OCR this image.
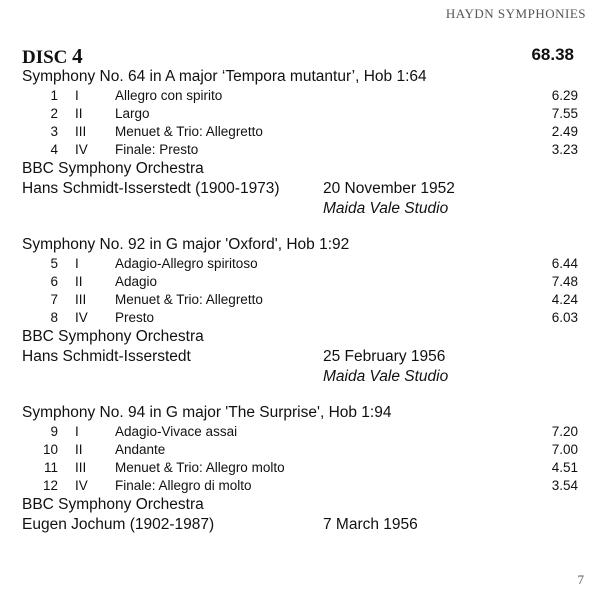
HAYDN SYMPHONIES
DISC 4	68.38
Symphony No. 64 in A major ‘Tempora mutantur’, Hob 1:64
1 I	Allegro con spirito	6.29
2 II Largo	7.55
3 III Menuet & Trio: Allegretto	2.49
4 IV Finale: Presto	3.23
BBC Symphony Orchestra
Hans Schmidt-Isserstedt (1900-1973)	20 November 1952
Maida Vale Studio
Symphony No. 92 in G major 'Oxford', Hob 1:92
5 I	Adagio-Allegro spiritoso	6.44
6 II Adagio	7.48
7 III Menuet & Trio: Allegretto	4.24
8 IV Presto	6.03
BBC Symphony Orchestra
Hans Schmidt-Isserstedt	25 February 1956
Maida Vale Studio
Symphony No. 94 in G major 'The Surprise', Hob 1:94
9 I	Adagio-Vivace assai	7.20
10 II Andante	7.00
11 III Menuet & Trio: Allegro molto	4.51
12 IV Finale: Allegro di molto	3.54
BBC Symphony Orchestra
Eugen Jochum (1902-1987)	7 March 1956
7
